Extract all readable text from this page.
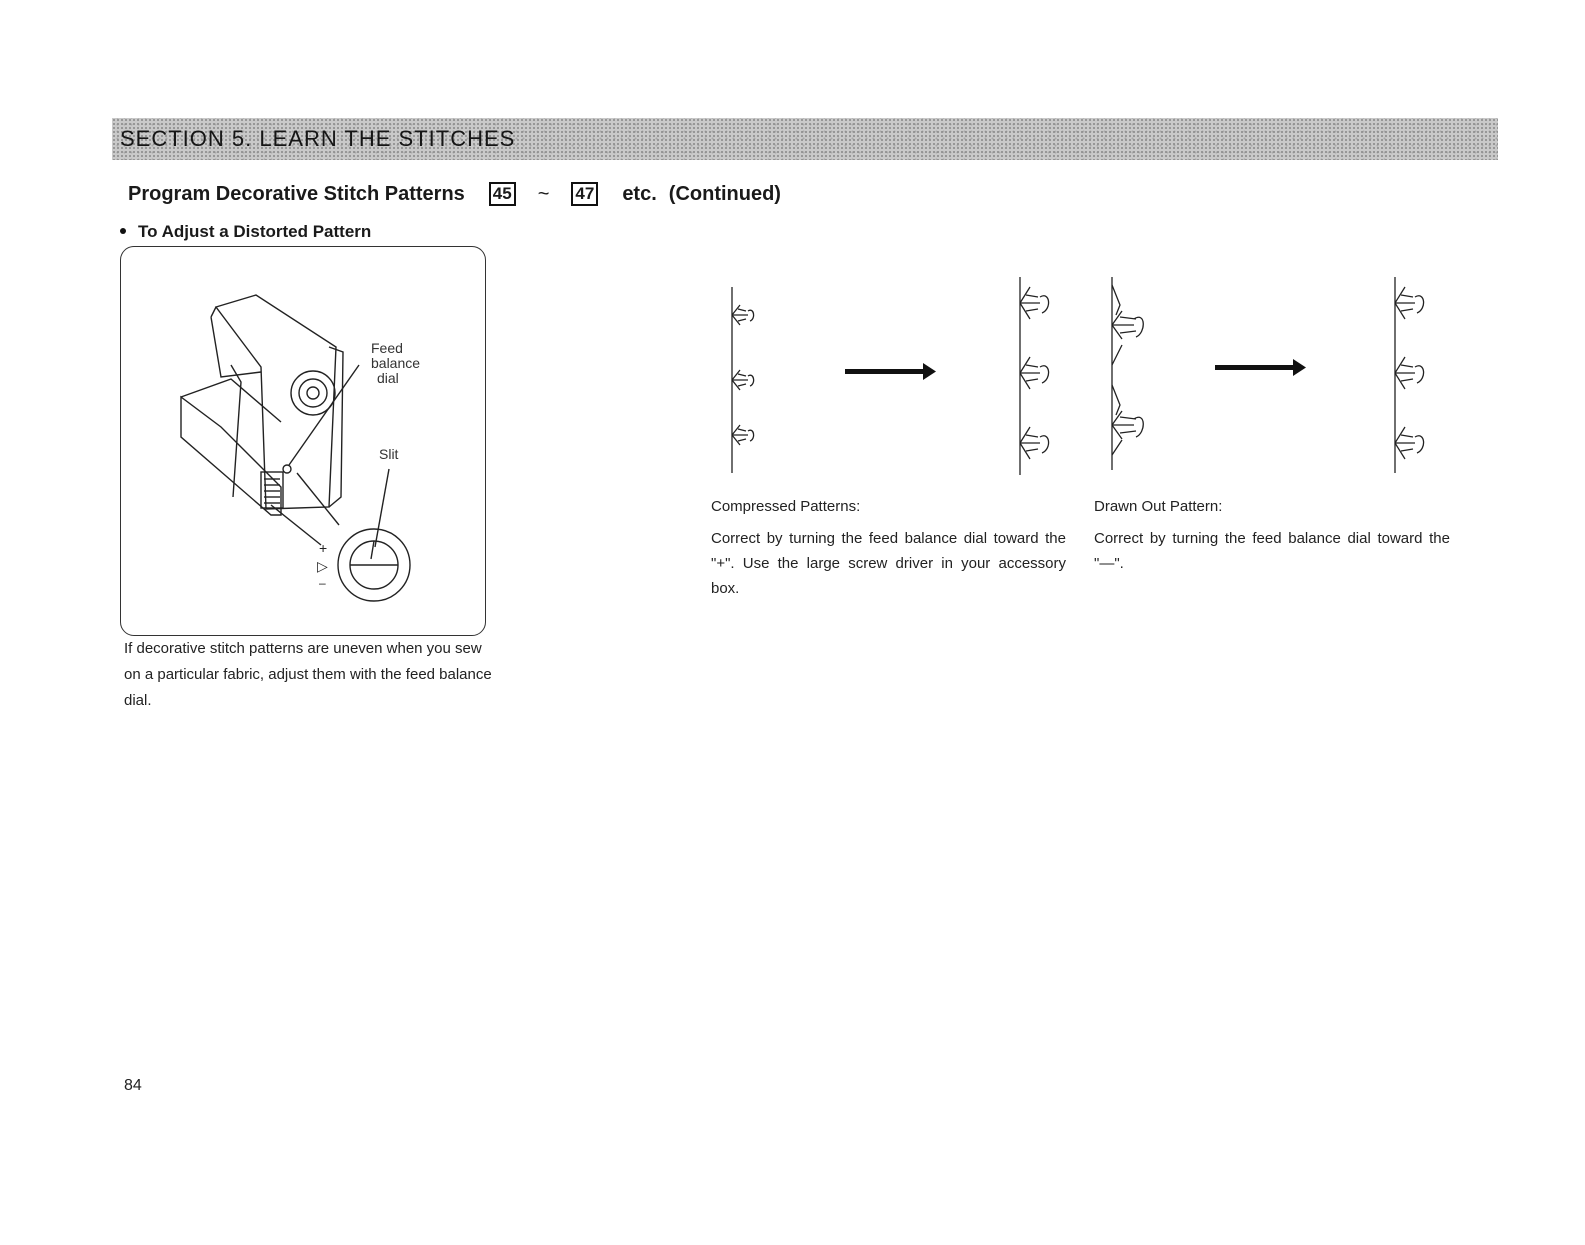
SECTION 5. LEARN THE STITCHES
Program Decorative Stitch Patterns 45 ~ 47 etc. (Continued)
To Adjust a Distorted Pattern
+
▷
–
Feed
balance
dial
Slit
If decorative stitch patterns are uneven when you sew on a particular fabric, adjust them with the feed balance dial.
Compressed Patterns:
Correct by turning the feed balance dial toward the "+". Use the large screw driver in your accessory box.
Drawn Out Pattern:
Correct by turning the feed balance dial toward the "—".
84
